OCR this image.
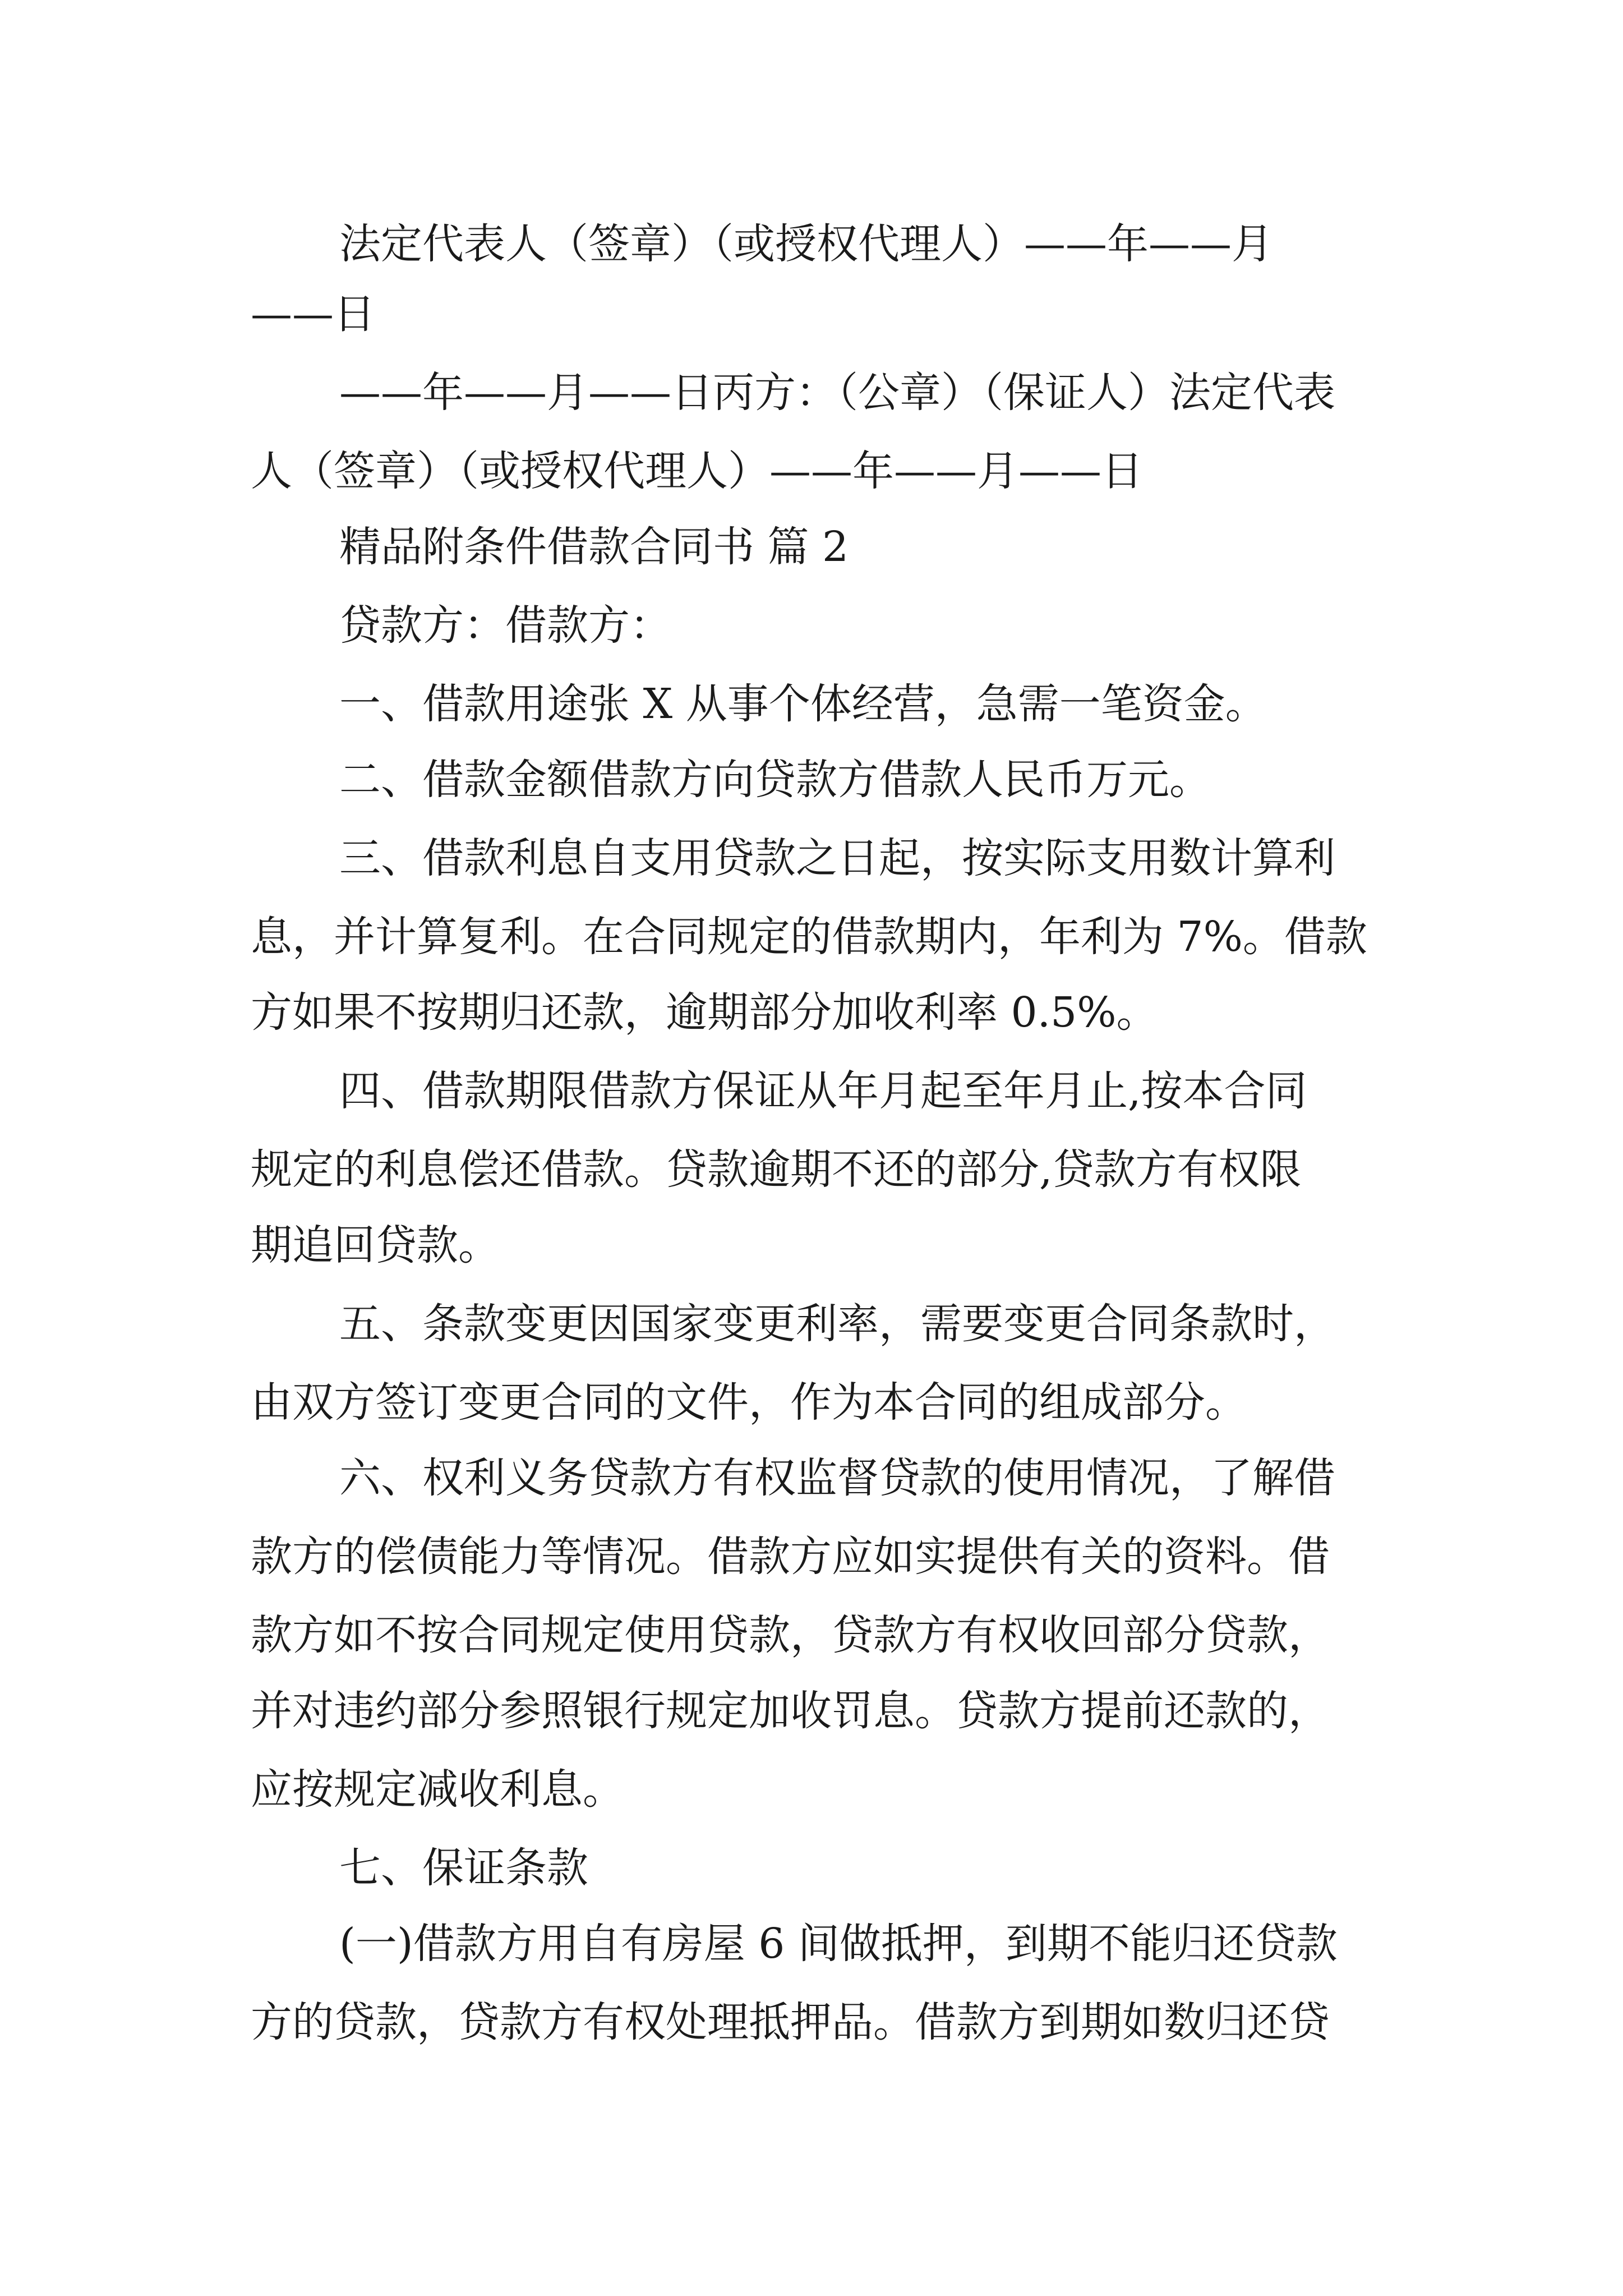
法定代表人（签章）（或授权代理人）——年——月
——日
——年——月——日丙方：（公章）（保证人）法定代表
人（签章）（或授权代理人）——年——月——日
精品附条件借款合同书 篇 2
贷款方：借款方：
一、借款用途张 X 从事个体经营，急需一笔资金。
二、借款金额借款方向贷款方借款人民币万元。
三、借款利息自支用贷款之日起，按实际支用数计算利
息，并计算复利。在合同规定的借款期内，年利为 7%。借款
方如果不按期归还款，逾期部分加收利率 0.5%。
四、借款期限借款方保证从年月起至年月止,按本合同
规定的利息偿还借款。贷款逾期不还的部分,贷款方有权限
期追回贷款。
五、条款变更因国家变更利率，需要变更合同条款时，
由双方签订变更合同的文件，作为本合同的组成部分。
六、权利义务贷款方有权监督贷款的使用情况，了解借
款方的偿债能力等情况。借款方应如实提供有关的资料。借
款方如不按合同规定使用贷款，贷款方有权收回部分贷款，
并对违约部分参照银行规定加收罚息。贷款方提前还款的，
应按规定减收利息。
七、保证条款
(一)借款方用自有房屋 6 间做抵押，到期不能归还贷款
方的贷款，贷款方有权处理抵押品。借款方到期如数归还贷
